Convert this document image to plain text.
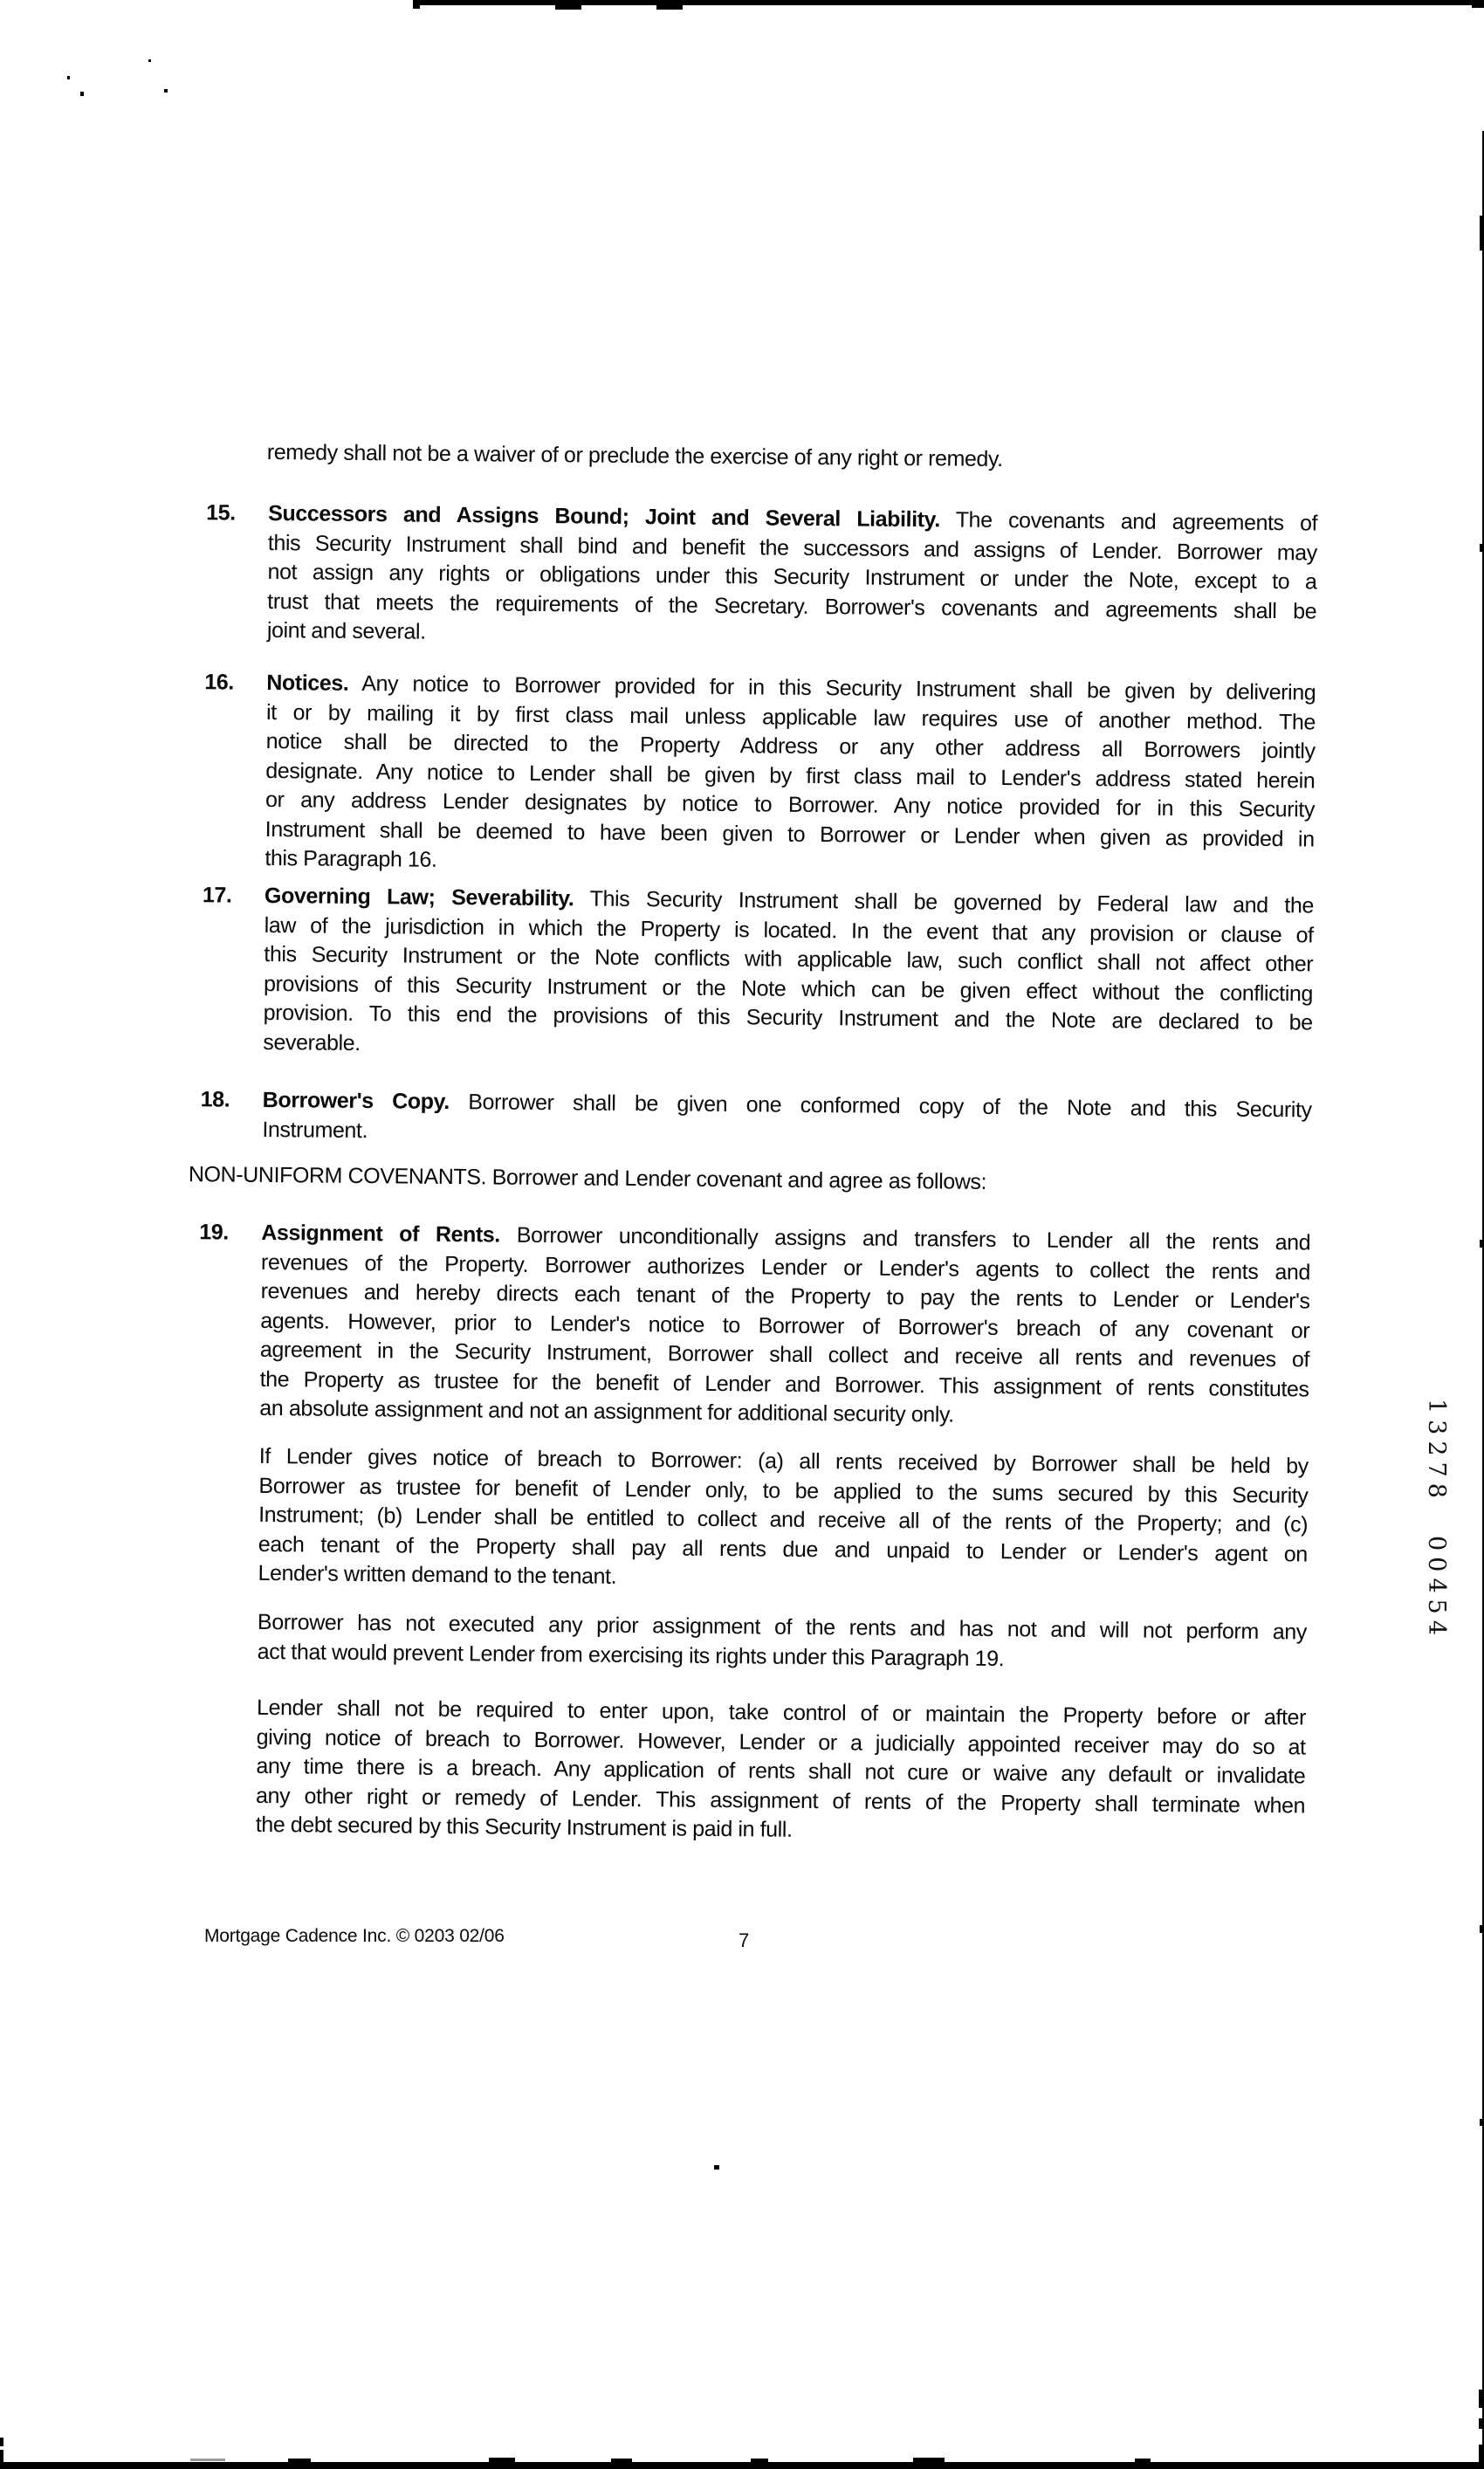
remedy shall not be a waiver of or preclude the exercise of any right or remedy.
15.	Successors and Assigns Bound; Joint and Several Liability. The covenants and agreements of
this Security Instrument shall bind and benefit the successors and assigns of Lender. Borrower may
not assign any rights or obligations under this Security Instrument or under the Note, except to a
trust that meets the requirements of the Secretary. Borrower's covenants and agreements shall be
joint and several.
16.	Notices. Any notice to Borrower provided for in this Security Instrument shall be given by delivering
it or by mailing it by first class mail unless applicable law requires use of another method. The
notice shall be directed to the Property Address or any other address all Borrowers jointly
designate. Any notice to Lender shall be given by first class mail to Lender's address stated herein
or any address Lender designates by notice to Borrower. Any notice provided for in this Security
Instrument shall be deemed to have been given to Borrower or Lender when given as provided in
this Paragraph 16.
17.	Governing Law; Severability. This Security Instrument shall be governed by Federal law and the
law of the jurisdiction in which the Property is located. In the event that any provision or clause of
this Security Instrument or the Note conflicts with applicable law, such conflict shall not affect other
provisions of this Security Instrument or the Note which can be given effect without the conflicting
provision. To this end the provisions of this Security Instrument and the Note are declared to be
severable.
18.	Borrower's Copy. Borrower shall be given one conformed copy of the Note and this Security
Instrument.
19.	Assignment of Rents. Borrower unconditionally assigns and transfers to Lender all the rents and
revenues of the Property. Borrower authorizes Lender or Lender's agents to collect the rents and
revenues and hereby directs each tenant of the Property to pay the rents to Lender or Lender's
agents. However, prior to Lender's notice to Borrower of Borrower's breach of any covenant or
agreement in the Security Instrument, Borrower shall collect and receive all rents and revenues of
the Property as trustee for the benefit of Lender and Borrower. This assignment of rents constitutes
an absolute assignment and not an assignment for additional security only.
NON-UNIFORM COVENANTS. Borrower and Lender covenant and agree as follows:
If Lender gives notice of breach to Borrower: (a) all rents received by Borrower shall be held by
Borrower as trustee for benefit of Lender only, to be applied to the sums secured by this Security
Instrument; (b) Lender shall be entitled to collect and receive all of the rents of the Property; and (c)
each tenant of the Property shall pay all rents due and unpaid to Lender or Lender's agent on
Lender's written demand to the tenant.
Borrower has not executed any prior assignment of the rents and has not and will not perform any
act that would prevent Lender from exercising its rights under this Paragraph 19.
Lender shall not be required to enter upon, take control of or maintain the Property before or after
giving notice of breach to Borrower. However, Lender or a judicially appointed receiver may do so at
any time there is a breach. Any application of rents shall not cure or waive any default or invalidate
any other right or remedy of Lender. This assignment of rents of the Property shall terminate when
the debt secured by this Security Instrument is paid in full.
Mortgage Cadence Inc. © 0203 02/06	7
13278 00454
